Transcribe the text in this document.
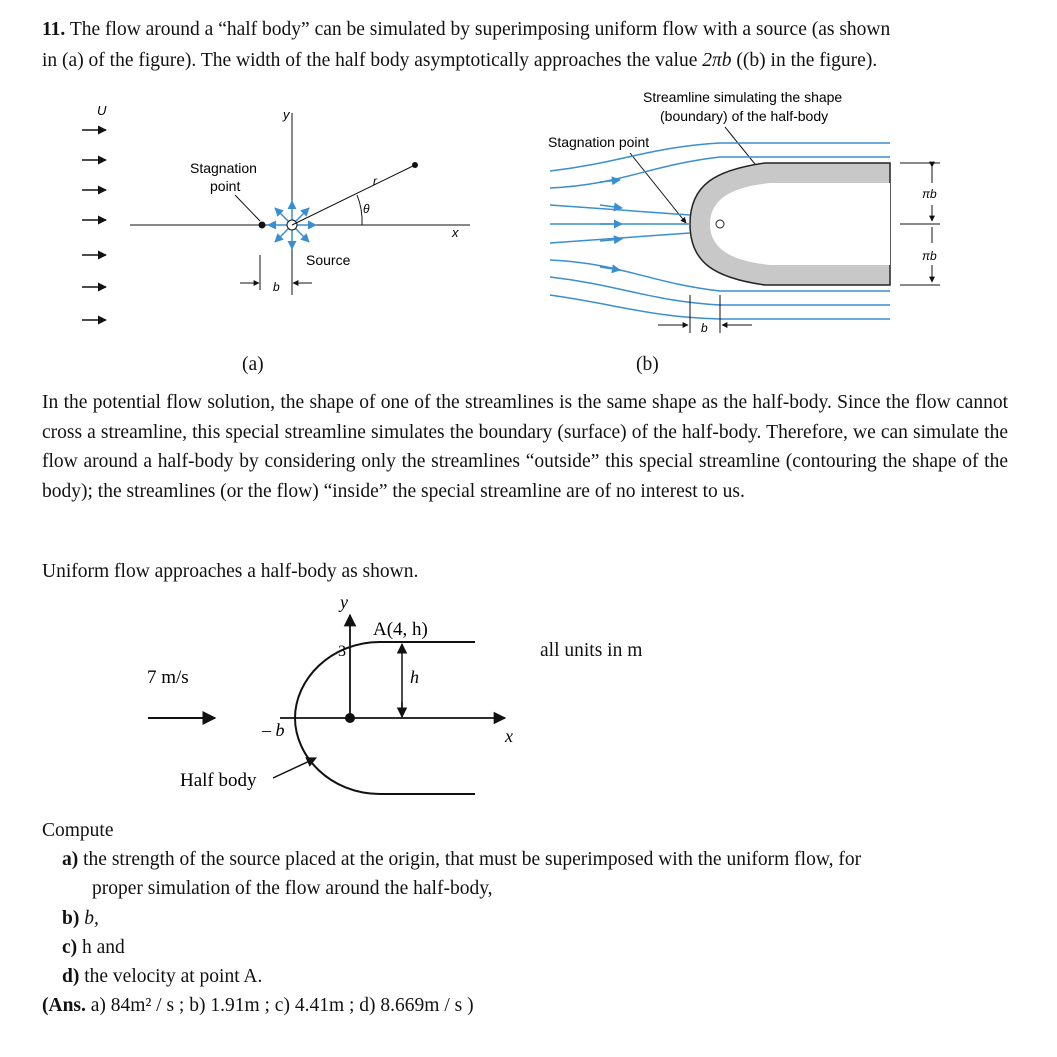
11. The flow around a “half body” can be simulated by superimposing uniform flow with a source (as shown
in (a) of the figure). The width of the half body asymptotically approaches the value 2πb ((b) in the figure).
U	y
x
Stagnation
point	r
θ
Source
b
Streamline simulating the shape
(boundary) of the half-body
Stagnation point
πb
πb
b
(a)	(b)
In the potential flow solution, the shape of one of the streamlines is the same shape as the half-body. Since the flow cannot cross a streamline, this special streamline simulates the boundary (surface) of the half-body. Therefore, we can simulate the flow around a half-body by considering only the streamlines “outside” this special streamline (contouring the shape of the body); the streamlines (or the flow) “inside” the special streamline are of no interest to us.
Uniform flow approaches a half-body as shown.
y
x
7 m/s
3
A(4, h)
h
– b
Half body
all units in m
Compute
a) the strength of the source placed at the origin, that must be superimposed with the uniform flow, for
proper simulation of the flow around the half-body,
b) b,
c) h and
d) the velocity at point A.
(Ans. a) 84m² / s ; b) 1.91m ; c) 4.41m ; d) 8.669m / s )
